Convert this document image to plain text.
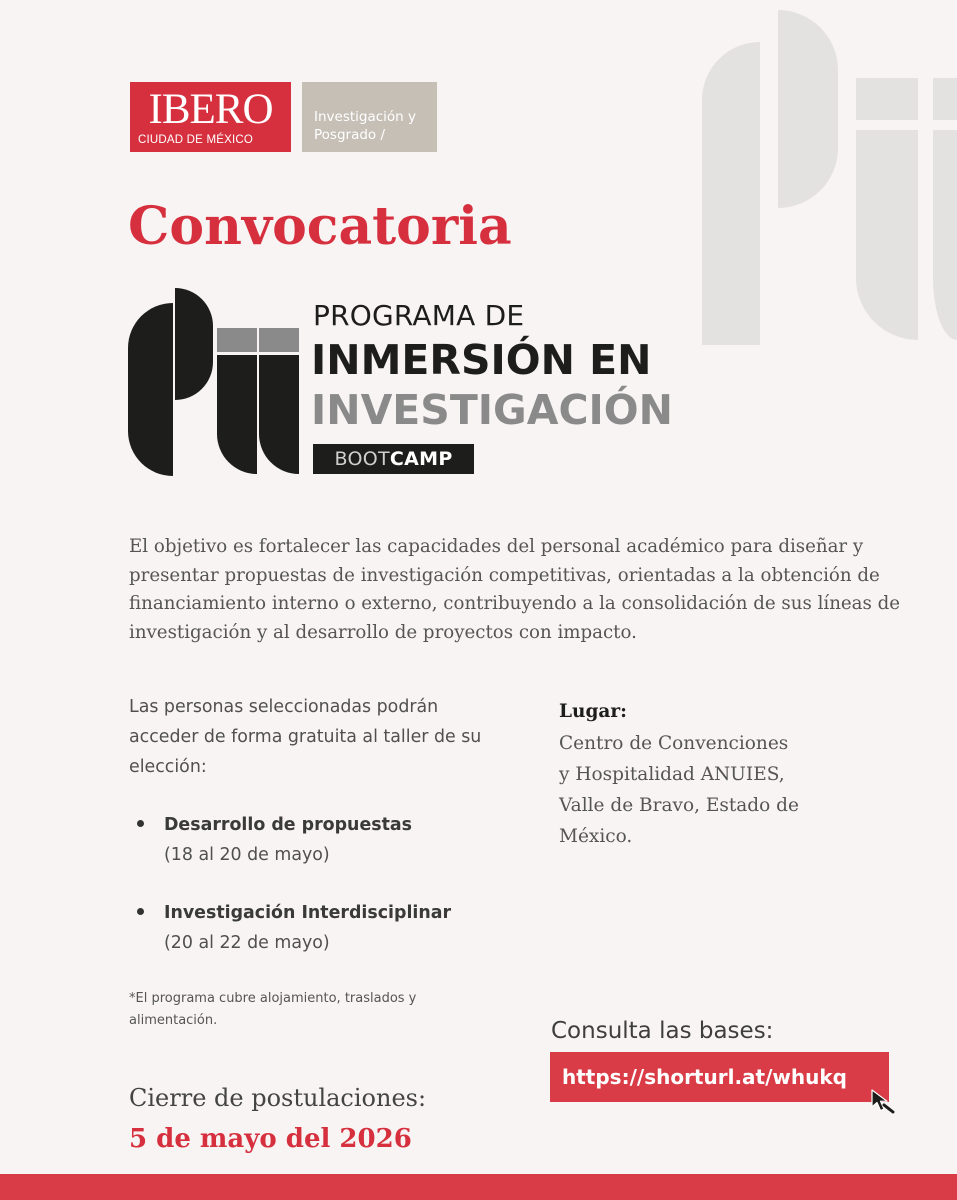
IBERO
CIUDAD DE MÉXICO
Investigación y
Posgrado /
Convocatoria
PROGRAMA DE
INMERSIÓN EN
INVESTIGACIÓN
BOOTCAMP
El objetivo es fortalecer las capacidades del personal académico para diseñar y presentar propuestas de investigación competitivas, orientadas a la obtención de financiamiento interno o externo, contribuyendo a la consolidación de sus líneas de investigación y al desarrollo de proyectos con impacto.
Las personas seleccionadas podrán acceder de forma gratuita al taller de su elección:
Desarrollo de propuestas
(18 al 20 de mayo)
Investigación Interdisciplinar
(20 al 22 de mayo)
*El programa cubre alojamiento, traslados y alimentación.
Cierre de postulaciones:
5 de mayo del 2026
Lugar:
Centro de Convenciones
y Hospitalidad ANUIES,
Valle de Bravo, Estado de
México.
Consulta las bases:
https://shorturl.at/whukq
